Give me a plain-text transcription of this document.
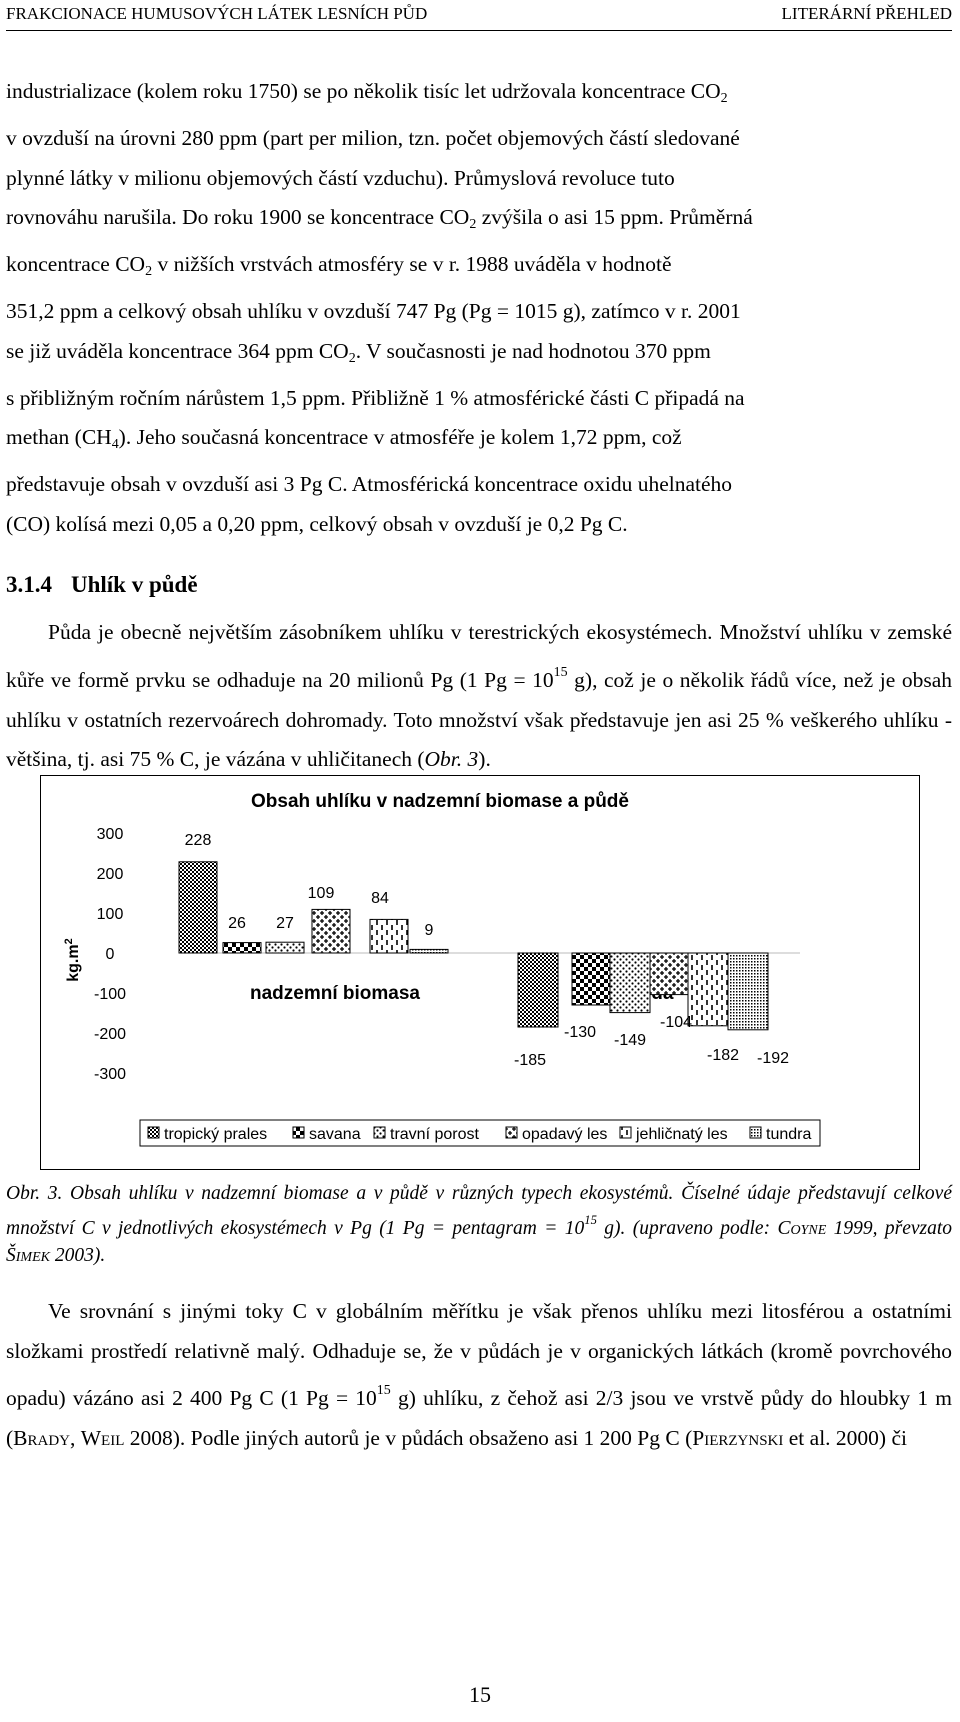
FRAKCIONACE HUMUSOVÝCH LÁTEK LESNÍCH PŮD	LITERÁRNÍ PŘEHLED

industrializace (kolem roku 1750) se po několik tisíc let udržovala koncentrace $CO_2$

v ovzduší na úrovni 280 ppm (part per milion, tzn. počet objemových částí sledované

plynné látky v milionu objemových částí vzduchu). Průmyslová revoluce tuto

rovnováhu narušila. Do roku 1900 se koncentrace $CO_2$ zvýšila o asi 15 ppm. Průměrná

koncentrace $CO_2$ v nižších vrstvách atmosféry se v r. 1988 uváděla v hodnotě

351,2 ppm a celkový obsah uhlíku v ovzduší 747 Pg (Pg = 1015 g), zatímco v r. 2001

se již uváděla koncentrace 364 ppm $CO_2$. V současnosti je nad hodnotou 370 ppm

s přibližným ročním nárůstem 1,5 ppm. Přibližně 1 % atmosférické části C připadá na

methan $(CH_4)$. Jeho současná koncentrace v atmosféře je kolem 1,72 ppm, což

představuje obsah v ovzduší asi 3 Pg C. Atmosférická koncentrace oxidu uhelnatého

(CO) kolísá mezi 0,05 a 0,20 ppm, celkový obsah v ovzduší je 0,2 Pg C.

3.1.4 Uhlík v půdě

Půda je obecně největším zásobníkem uhlíku v terestrických ekosystémech. Množství uhlíku v zemské kůře ve formě prvku se odhaduje na 20 milionů Pg (1 $Pg = 10^{15}$ g), což je o několik řádů více, než je obsah uhlíku v ostatních rezervoárech dohromady. Toto množství však představuje jen asi 25 % veškerého uhlíku - většina, tj. asi 75 % C, je vázána v uhličitanech (Obr. 3).

Obsah uhlíku v nadzemní biomase a půdě
$kg.m^2$
nadzemní biomasa
300
200
100
0
-100
-200
-300
228
26 27
109 84
9
-185
-130 -149
-104
-182 -192
tropický prales	savana travní porost	opadavý les jehličnatý les tundra

Obr. 3. Obsah uhlíku v nadzemní biomase a v půdě v různých typech ekosystémů. Číselné údaje představují celkové množství C v jednotlivých ekosystémech v Pg (1 Pg = pentagram = $10^{15}$ g). (upraveno podle: Coyne 1999, převzato Šimek 2003).

Ve srovnání s jinými toky C v globálním měřítku je však přenos uhlíku mezi litosférou a ostatními složkami prostředí relativně malý. Odhaduje se, že v půdách je v organických látkách (kromě povrchového opadu) vázáno asi 2 400 Pg C (1 $Pg = 10^{15}$ g) uhlíku, z čehož asi 2/3 jsou ve vrstvě půdy do hloubky 1 m (Brady, Weil 2008). Podle jiných autorů je v půdách obsaženo asi 1 200 Pg C (Pierzynski et al. 2000) či

15
